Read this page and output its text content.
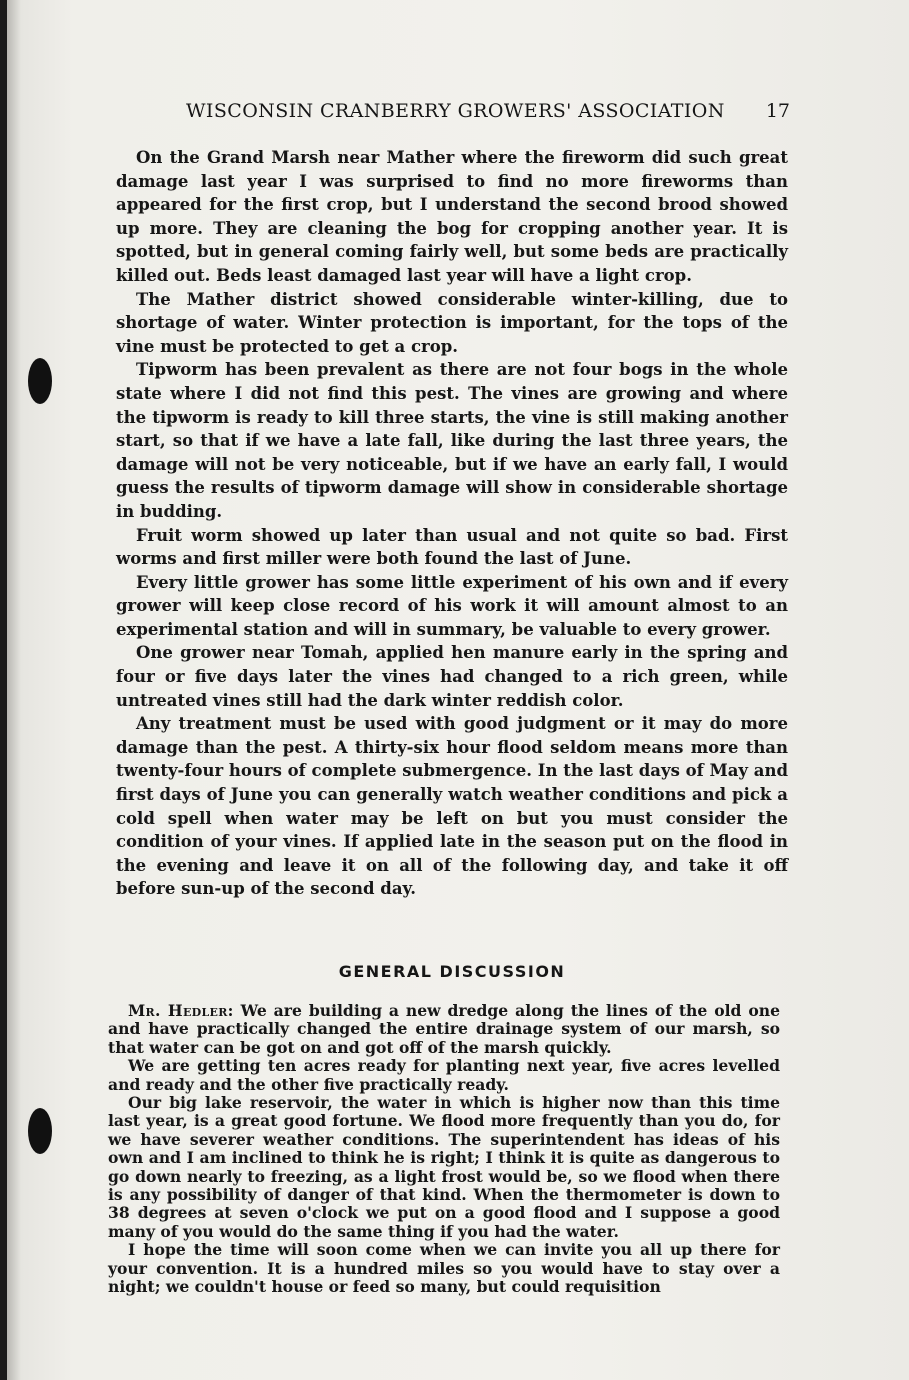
WISCONSIN CRANBERRY GROWERS' ASSOCIATION 17

On the Grand Marsh near Mather where the fireworm did such great damage last year I was surprised to find no more fireworms than appeared for the first crop, but I understand the second brood showed up more. They are cleaning the bog for cropping another year. It is spotted, but in general coming fairly well, but some beds are practically killed out. Beds least damaged last year will have a light crop.

The Mather district showed considerable winter-killing, due to shortage of water. Winter protection is important, for the tops of the vine must be protected to get a crop.

Tipworm has been prevalent as there are not four bogs in the whole state where I did not find this pest. The vines are growing and where the tipworm is ready to kill three starts, the vine is still making another start, so that if we have a late fall, like during the last three years, the damage will not be very noticeable, but if we have an early fall, I would guess the results of tipworm damage will show in considerable shortage in budding.

Fruit worm showed up later than usual and not quite so bad. First worms and first miller were both found the last of June.

Every little grower has some little experiment of his own and if every grower will keep close record of his work it will amount almost to an experimental station and will in summary, be valuable to every grower.

One grower near Tomah, applied hen manure early in the spring and four or five days later the vines had changed to a rich green, while untreated vines still had the dark winter reddish color.

Any treatment must be used with good judgment or it may do more damage than the pest. A thirty-six hour flood seldom means more than twenty-four hours of complete submergence. In the last days of May and first days of June you can generally watch weather conditions and pick a cold spell when water may be left on but you must consider the condition of your vines. If applied late in the season put on the flood in the evening and leave it on all of the following day, and take it off before sun-up of the second day.

GENERAL DISCUSSION

Mr. Hedler: We are building a new dredge along the lines of the old one and have practically changed the entire drainage system of our marsh, so that water can be got on and got off of the marsh quickly.

We are getting ten acres ready for planting next year, five acres levelled and ready and the other five practically ready.

Our big lake reservoir, the water in which is higher now than this time last year, is a great good fortune. We flood more frequently than you do, for we have severer weather conditions. The superintendent has ideas of his own and I am inclined to think he is right; I think it is quite as dangerous to go down nearly to freezing, as a light frost would be, so we flood when there is any possibility of danger of that kind. When the thermometer is down to 38 degrees at seven o'clock we put on a good flood and I suppose a good many of you would do the same thing if you had the water.

I hope the time will soon come when we can invite you all up there for your convention. It is a hundred miles so you would have to stay over a night; we couldn't house or feed so many, but could requisition
